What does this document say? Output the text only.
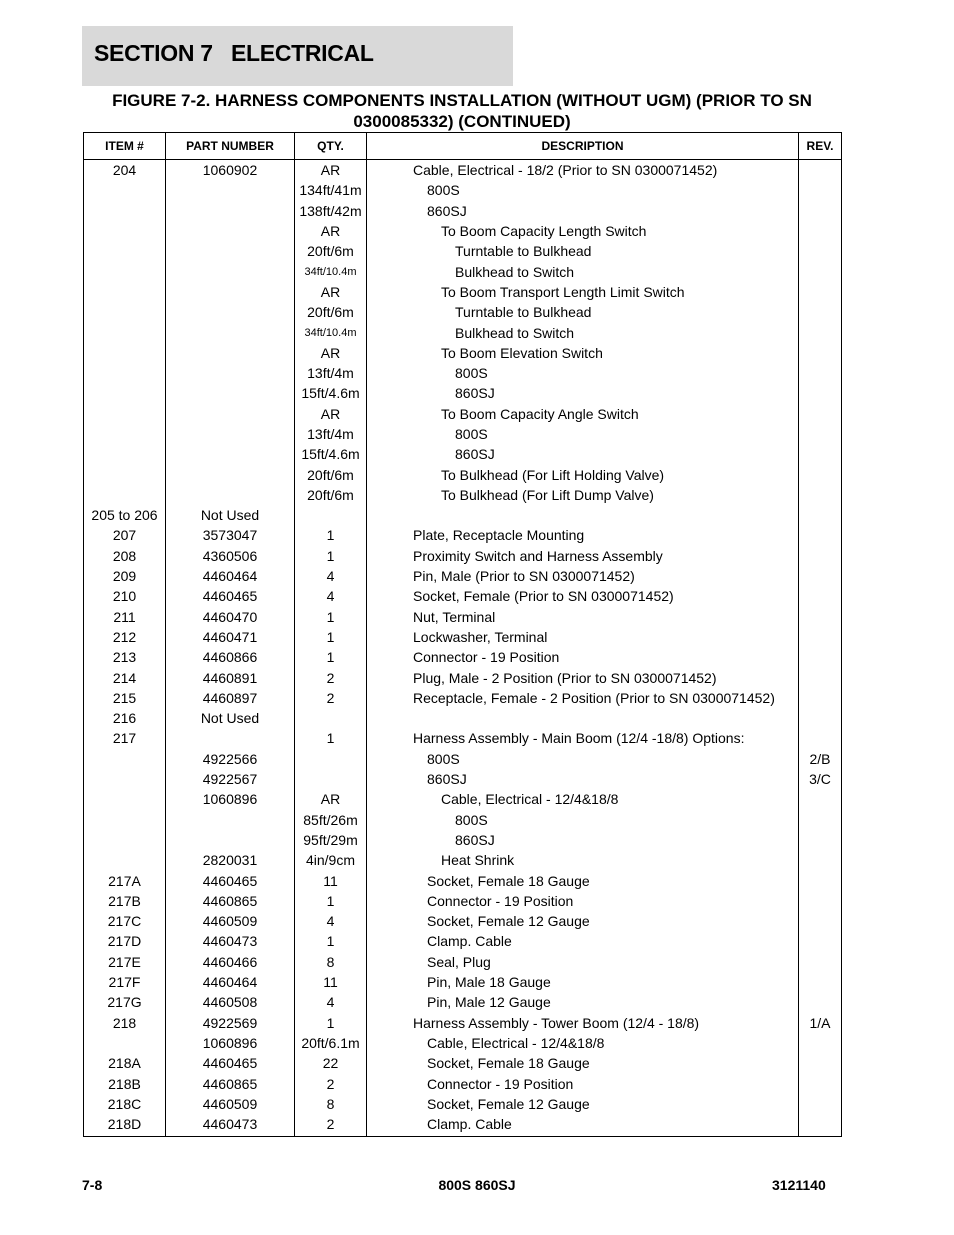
SECTION 7   ELECTRICAL
FIGURE 7-2. HARNESS COMPONENTS INSTALLATION (WITHOUT UGM) (PRIOR TO SN
0300085332) (CONTINUED)
ITEM #	PART NUMBER	QTY.	DESCRIPTION	REV.
204	1060902	AR	Cable, Electrical - 18/2 (Prior to SN 0300071452)	
		134ft/41m	800S	
		138ft/42m	860SJ	
		AR	To Boom Capacity Length Switch	
		20ft/6m	Turntable to Bulkhead	
		34ft/10.4m	Bulkhead to Switch	
		AR	To Boom Transport Length Limit Switch	
		20ft/6m	Turntable to Bulkhead	
		34ft/10.4m	Bulkhead to Switch	
		AR	To Boom Elevation Switch	
		13ft/4m	800S	
		15ft/4.6m	860SJ	
		AR	To Boom Capacity Angle Switch	
		13ft/4m	800S	
		15ft/4.6m	860SJ	
		20ft/6m	To Bulkhead (For Lift Holding Valve)	
		20ft/6m	To Bulkhead (For Lift Dump Valve)	
205 to 206	Not Used			
207	3573047	1	Plate, Receptacle Mounting	
208	4360506	1	Proximity Switch and Harness Assembly	
209	4460464	4	Pin, Male (Prior to SN 0300071452)	
210	4460465	4	Socket, Female (Prior to SN 0300071452)	
211	4460470	1	Nut, Terminal	
212	4460471	1	Lockwasher, Terminal	
213	4460866	1	Connector - 19 Position	
214	4460891	2	Plug, Male - 2 Position (Prior to SN 0300071452)	
215	4460897	2	Receptacle, Female - 2 Position (Prior to SN 0300071452)	
216	Not Used			
217		1	Harness Assembly - Main Boom (12/4 -18/8) Options:	
	4922566		800S	2/B
	4922567		860SJ	3/C
	1060896	AR	Cable, Electrical - 12/4&18/8	
		85ft/26m	800S	
		95ft/29m	860SJ	
	2820031	4in/9cm	Heat Shrink	
217A	4460465	11	Socket, Female 18 Gauge	
217B	4460865	1	Connector - 19 Position	
217C	4460509	4	Socket, Female 12 Gauge	
217D	4460473	1	Clamp. Cable	
217E	4460466	8	Seal, Plug	
217F	4460464	11	Pin, Male 18 Gauge	
217G	4460508	4	Pin, Male 12 Gauge	
218	4922569	1	Harness Assembly - Tower Boom (12/4 - 18/8)	1/A
	1060896	20ft/6.1m	Cable, Electrical - 12/4&18/8	
218A	4460465	22	Socket, Female 18 Gauge	
218B	4460865	2	Connector - 19 Position	
218C	4460509	8	Socket, Female 12 Gauge	
218D	4460473	2	Clamp. Cable	
7-8	800S 860SJ	3121140
